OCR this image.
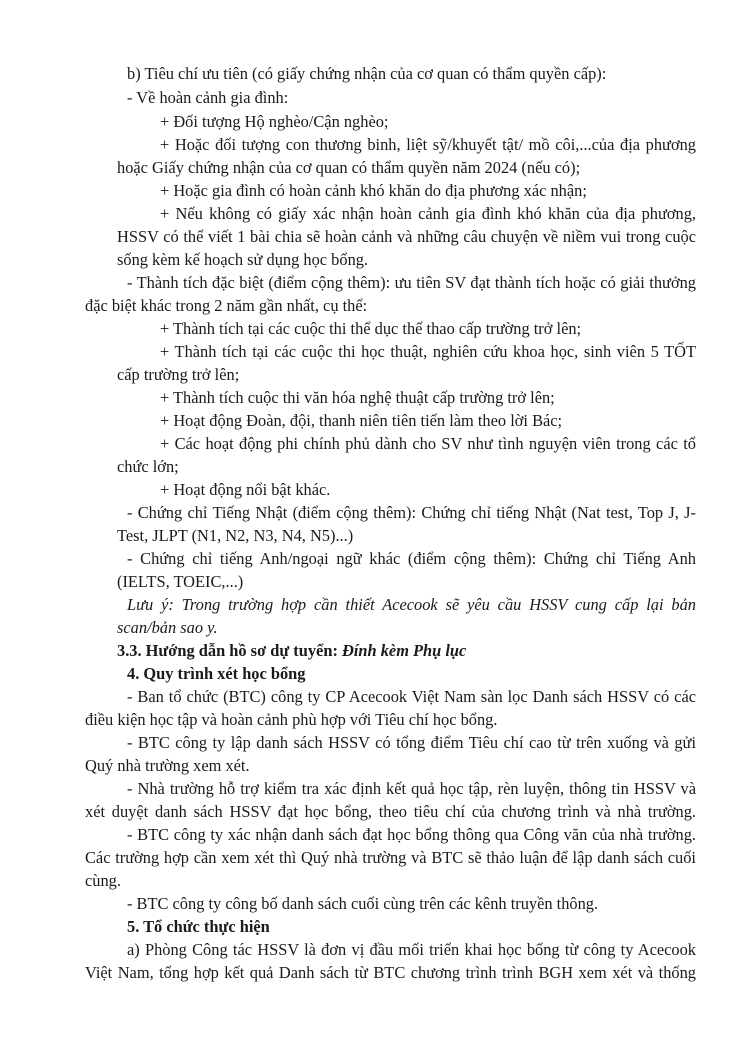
b) Tiêu chí ưu tiên (có giấy chứng nhận của cơ quan có thẩm quyền cấp):
- Về hoàn cảnh gia đình:
+ Đối tượng Hộ nghèo/Cận nghèo;
+ Hoặc đối tượng con thương binh, liệt sỹ/khuyết tật/ mồ côi,...của địa phương
hoặc Giấy chứng nhận của cơ quan có thẩm quyền năm 2024 (nếu có);
+ Hoặc gia đình có hoàn cảnh khó khăn do địa phương xác nhận;
+ Nếu không có giấy xác nhận hoàn cảnh gia đình khó khăn của địa phương,
HSSV có thể viết 1 bài chia sẽ hoàn cảnh và những câu chuyện về niềm vui trong cuộc
sống kèm kế hoạch sử dụng học bổng.
- Thành tích đặc biệt (điểm cộng thêm): ưu tiên SV đạt thành tích hoặc có giải thưởng
đặc biệt khác trong 2 năm gần nhất, cụ thể:
+ Thành tích tại các cuộc thi thể dục thể thao cấp trường trở lên;
+ Thành tích tại các cuộc thi học thuật, nghiên cứu khoa học, sinh viên 5 TỐT
cấp trường trở lên;
+ Thành tích cuộc thi văn hóa nghệ thuật cấp trường trở lên;
+ Hoạt động Đoàn, đội, thanh niên tiên tiến làm theo lời Bác;
+ Các hoạt động phi chính phủ dành cho SV như tình nguyện viên trong các tổ
chức lớn;
+ Hoạt động nổi bật khác.
- Chứng chỉ Tiếng Nhật (điểm cộng thêm): Chứng chỉ tiếng Nhật (Nat test, Top J, J-
Test, JLPT (N1, N2, N3, N4, N5)...)
- Chứng chỉ tiếng Anh/ngoại ngữ khác (điểm cộng thêm): Chứng chỉ Tiếng Anh
(IELTS, TOEIC,...)
Lưu ý: Trong trường hợp cần thiết Acecook sẽ yêu cầu HSSV cung cấp lại bản
scan/bản sao y.
3.3. Hướng dẫn hồ sơ dự tuyển: Đính kèm Phụ lục
4. Quy trình xét học bổng
- Ban tổ chức (BTC) công ty CP Acecook Việt Nam sàn lọc Danh sách HSSV có các
điều kiện học tập và hoàn cảnh phù hợp với Tiêu chí học bổng.
- BTC công ty lập danh sách HSSV có tổng điểm Tiêu chí cao từ trên xuống và gửi
Quý nhà trường xem xét.
- Nhà trường hỗ trợ kiểm tra xác định kết quả học tập, rèn luyện, thông tin HSSV và
xét duyệt danh sách HSSV đạt học bổng, theo tiêu chí của chương trình và nhà trường.
- BTC công ty xác nhận danh sách đạt học bổng thông qua Công văn của nhà trường.
Các trường hợp cần xem xét thì Quý nhà trường và BTC sẽ thảo luận để lập danh sách cuối
cùng.
- BTC công ty công bố danh sách cuối cùng trên các kênh truyền thông.
5. Tổ chức thực hiện
a) Phòng Công tác HSSV là đơn vị đầu mối triển khai học bổng từ công ty Acecook
Việt Nam, tổng hợp kết quả Danh sách từ BTC chương trình trình BGH xem xét và thống
